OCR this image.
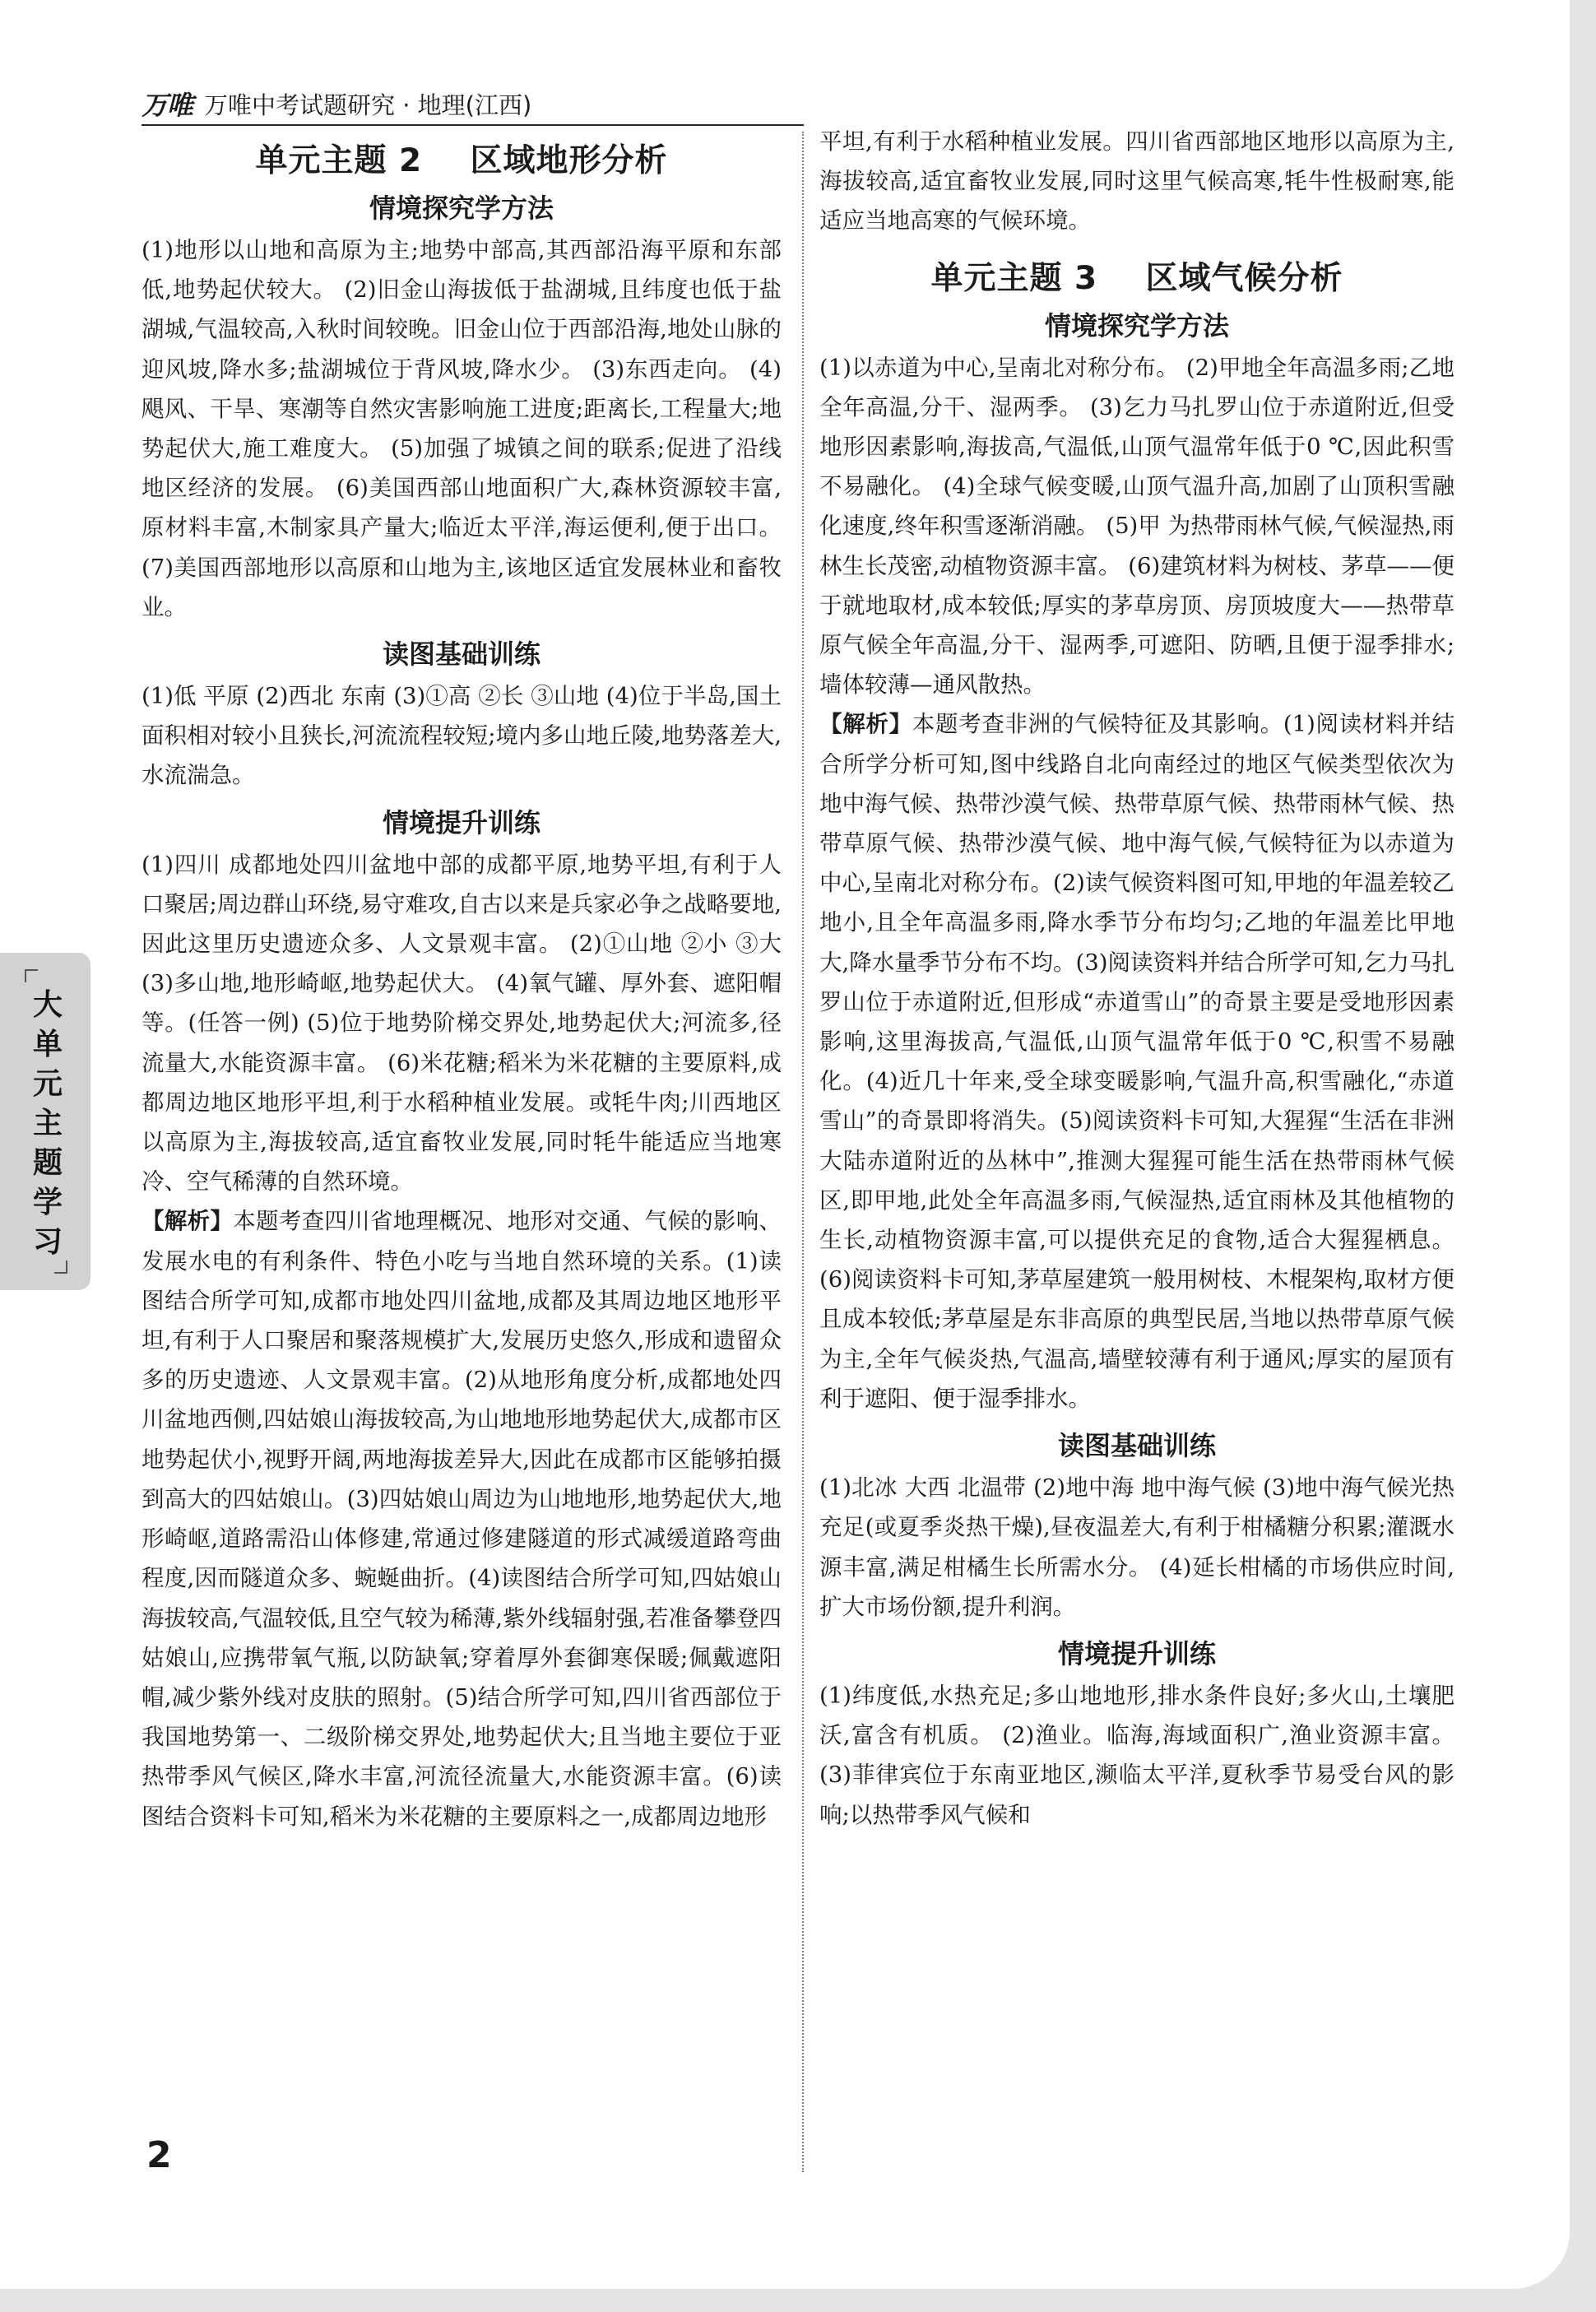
万唯 万唯中考试题研究 · 地理(江西)
单元主题 2    区域地形分析
情境探究学方法

(1)地形以山地和高原为主;地势中部高,其西部沿海平原和东部低,地势起伏较大。 (2)旧金山海拔低于盐湖城,且纬度也低于盐湖城,气温较高,入秋时间较晚。旧金山位于西部沿海,地处山脉的迎风坡,降水多;盐湖城位于背风坡,降水少。 (3)东西走向。 (4)飓风、干旱、寒潮等自然灾害影响施工进度;距离长,工程量大;地势起伏大,施工难度大。 (5)加强了城镇之间的联系;促进了沿线地区经济的发展。 (6)美国西部山地面积广大,森林资源较丰富,原材料丰富,木制家具产量大;临近太平洋,海运便利,便于出口。 (7)美国西部地形以高原和山地为主,该地区适宜发展林业和畜牧业。

读图基础训练

(1)低 平原 (2)西北 东南 (3)①高 ②长 ③山地 (4)位于半岛,国土面积相对较小且狭长,河流流程较短;境内多山地丘陵,地势落差大,水流湍急。

情境提升训练

(1)四川 成都地处四川盆地中部的成都平原,地势平坦,有利于人口聚居;周边群山环绕,易守难攻,自古以来是兵家必争之战略要地,因此这里历史遗迹众多、人文景观丰富。 (2)①山地 ②小 ③大 (3)多山地,地形崎岖,地势起伏大。 (4)氧气罐、厚外套、遮阳帽等。(任答一例) (5)位于地势阶梯交界处,地势起伏大;河流多,径流量大,水能资源丰富。 (6)米花糖;稻米为米花糖的主要原料,成都周边地区地形平坦,利于水稻种植业发展。或牦牛肉;川西地区以高原为主,海拔较高,适宜畜牧业发展,同时牦牛能适应当地寒冷、空气稀薄的自然环境。

【解析】本题考查四川省地理概况、地形对交通、气候的影响、发展水电的有利条件、特色小吃与当地自然环境的关系。(1)读图结合所学可知,成都市地处四川盆地,成都及其周边地区地形平坦,有利于人口聚居和聚落规模扩大,发展历史悠久,形成和遗留众多的历史遗迹、人文景观丰富。(2)从地形角度分析,成都地处四川盆地西侧,四姑娘山海拔较高,为山地地形地势起伏大,成都市区地势起伏小,视野开阔,两地海拔差异大,因此在成都市区能够拍摄到高大的四姑娘山。(3)四姑娘山周边为山地地形,地势起伏大,地形崎岖,道路需沿山体修建,常通过修建隧道的形式减缓道路弯曲程度,因而隧道众多、蜿蜒曲折。(4)读图结合所学可知,四姑娘山海拔较高,气温较低,且空气较为稀薄,紫外线辐射强,若准备攀登四姑娘山,应携带氧气瓶,以防缺氧;穿着厚外套御寒保暖;佩戴遮阳帽,减少紫外线对皮肤的照射。(5)结合所学可知,四川省西部位于我国地势第一、二级阶梯交界处,地势起伏大;且当地主要位于亚热带季风气候区,降水丰富,河流径流量大,水能资源丰富。(6)读图结合资料卡可知,稻米为米花糖的主要原料之一,成都周边地形

平坦,有利于水稻种植业发展。四川省西部地区地形以高原为主,海拔较高,适宜畜牧业发展,同时这里气候高寒,牦牛性极耐寒,能适应当地高寒的气候环境。

单元主题 3    区域气候分析
情境探究学方法

(1)以赤道为中心,呈南北对称分布。 (2)甲地全年高温多雨;乙地全年高温,分干、湿两季。 (3)乞力马扎罗山位于赤道附近,但受地形因素影响,海拔高,气温低,山顶气温常年低于0 ℃,因此积雪不易融化。 (4)全球气候变暖,山顶气温升高,加剧了山顶积雪融化速度,终年积雪逐渐消融。 (5)甲 为热带雨林气候,气候湿热,雨林生长茂密,动植物资源丰富。 (6)建筑材料为树枝、茅草——便于就地取材,成本较低;厚实的茅草房顶、房顶坡度大——热带草原气候全年高温,分干、湿两季,可遮阳、防晒,且便于湿季排水;墙体较薄—通风散热。

【解析】本题考查非洲的气候特征及其影响。(1)阅读材料并结合所学分析可知,图中线路自北向南经过的地区气候类型依次为地中海气候、热带沙漠气候、热带草原气候、热带雨林气候、热带草原气候、热带沙漠气候、地中海气候,气候特征为以赤道为中心,呈南北对称分布。(2)读气候资料图可知,甲地的年温差较乙地小,且全年高温多雨,降水季节分布均匀;乙地的年温差比甲地大,降水量季节分布不均。(3)阅读资料并结合所学可知,乞力马扎罗山位于赤道附近,但形成“赤道雪山”的奇景主要是受地形因素影响,这里海拔高,气温低,山顶气温常年低于0 ℃,积雪不易融化。(4)近几十年来,受全球变暖影响,气温升高,积雪融化,“赤道雪山”的奇景即将消失。(5)阅读资料卡可知,大猩猩“生活在非洲大陆赤道附近的丛林中”,推测大猩猩可能生活在热带雨林气候区,即甲地,此处全年高温多雨,气候湿热,适宜雨林及其他植物的生长,动植物资源丰富,可以提供充足的食物,适合大猩猩栖息。(6)阅读资料卡可知,茅草屋建筑一般用树枝、木棍架构,取材方便且成本较低;茅草屋是东非高原的典型民居,当地以热带草原气候为主,全年气候炎热,气温高,墙壁较薄有利于通风;厚实的屋顶有利于遮阳、便于湿季排水。

读图基础训练

(1)北冰 大西 北温带 (2)地中海 地中海气候 (3)地中海气候光热充足(或夏季炎热干燥),昼夜温差大,有利于柑橘糖分积累;灌溉水源丰富,满足柑橘生长所需水分。 (4)延长柑橘的市场供应时间,扩大市场份额,提升利润。

情境提升训练

(1)纬度低,水热充足;多山地地形,排水条件良好;多火山,土壤肥沃,富含有机质。 (2)渔业。临海,海域面积广,渔业资源丰富。 (3)菲律宾位于东南亚地区,濒临太平洋,夏秋季节易受台风的影响;以热带季风气候和

2
大单元主题学习
